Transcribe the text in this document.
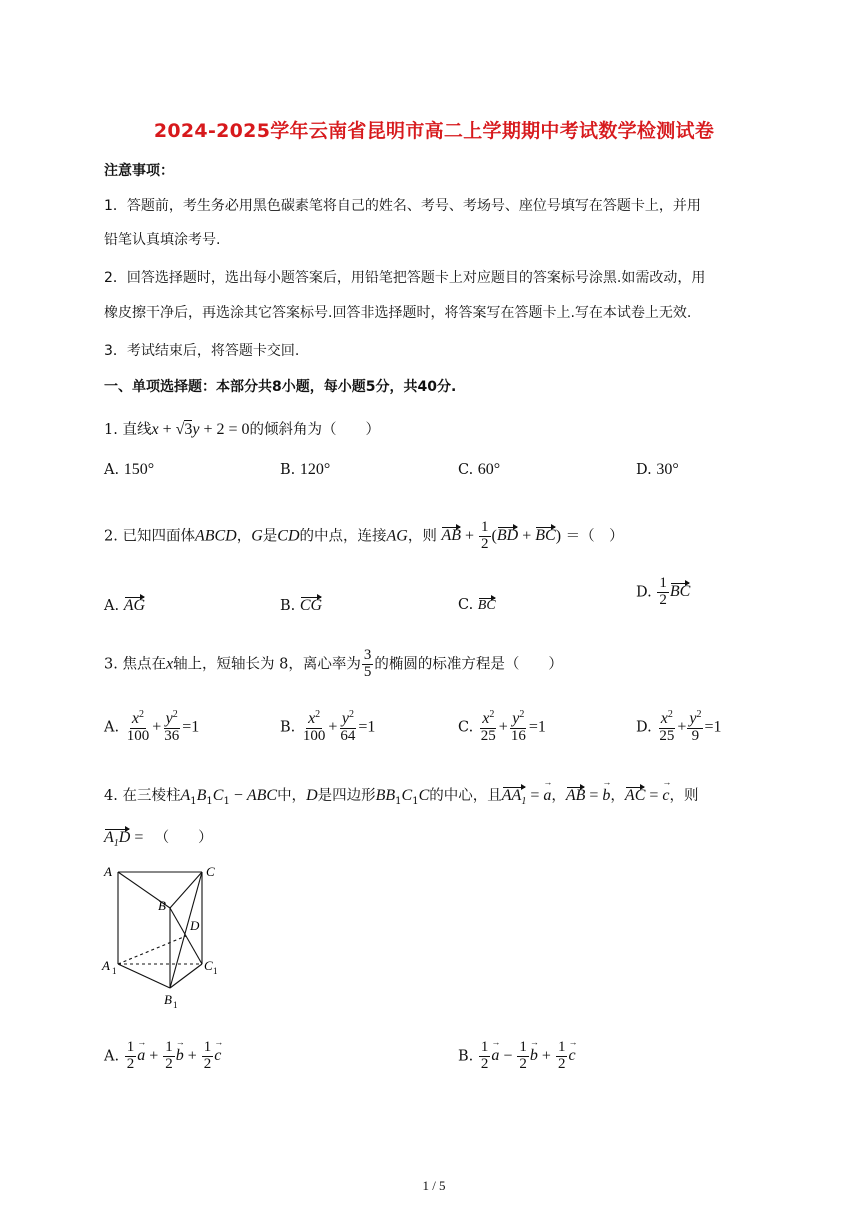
2024-2025学年云南省昆明市高二上学期期中考试数学检测试卷
注意事项：
1．答题前，考生务必用黑色碳素笔将自己的姓名、考号、考场号、座位号填写在答题卡上，并用
铅笔认真填涂考号.
2．回答选择题时，选出每小题答案后，用铅笔把答题卡上对应题目的答案标号涂黑.如需改动，用
橡皮擦干净后，再选涂其它答案标号.回答非选择题时，将答案写在答题卡上.写在本试卷上无效.
3．考试结束后，将答题卡交回.
一、单项选择题：本部分共8小题，每小题5分，共40分.
1. 直线x + √3y + 2 = 0的倾斜角为（　　）
A. 150°	B. 120°	C. 60°	D. 30°
2. 已知四面体ABCD，G是CD的中点，连接AG，则 AB + $\frac{1}{2} (BD + BC)$ ＝（　）
A. AG	B. CG	C. BC
D. $\frac{1}{2}$ BC
3. 焦点在x轴上，短轴长为 8，离心率为 $\frac{3}{5}$ 的椭圆的标准方程是（　　）
A. $\frac{x^2}{100} + \frac{y^2}{36} =1$	B. $\frac{x^2}{100} + \frac{y^2}{64} =1$	C. $\frac{x^2}{25} + \frac{y^2}{16} =1$	D. $\frac{x^2}{25} + \frac{y^2}{9} =1$
4. 在三棱柱$A_1B_1C_1$ − ABC中，D是四边形$BB_1C_1C$的中心，且$AA_1$ = → a，AB = → b，AC = → c，则
$A_1D$ = 　（　　）
A	C
B
D
A 1	C 1
B 1
A. $\frac{1}{2}$
→ $a + \frac{1}{2}$
→ $b + \frac{1}{2}$
→ c	B. $\frac{1}{2}$
→ $a - \frac{1}{2}$
→ $b + \frac{1}{2}$
→ c
1 / 5
